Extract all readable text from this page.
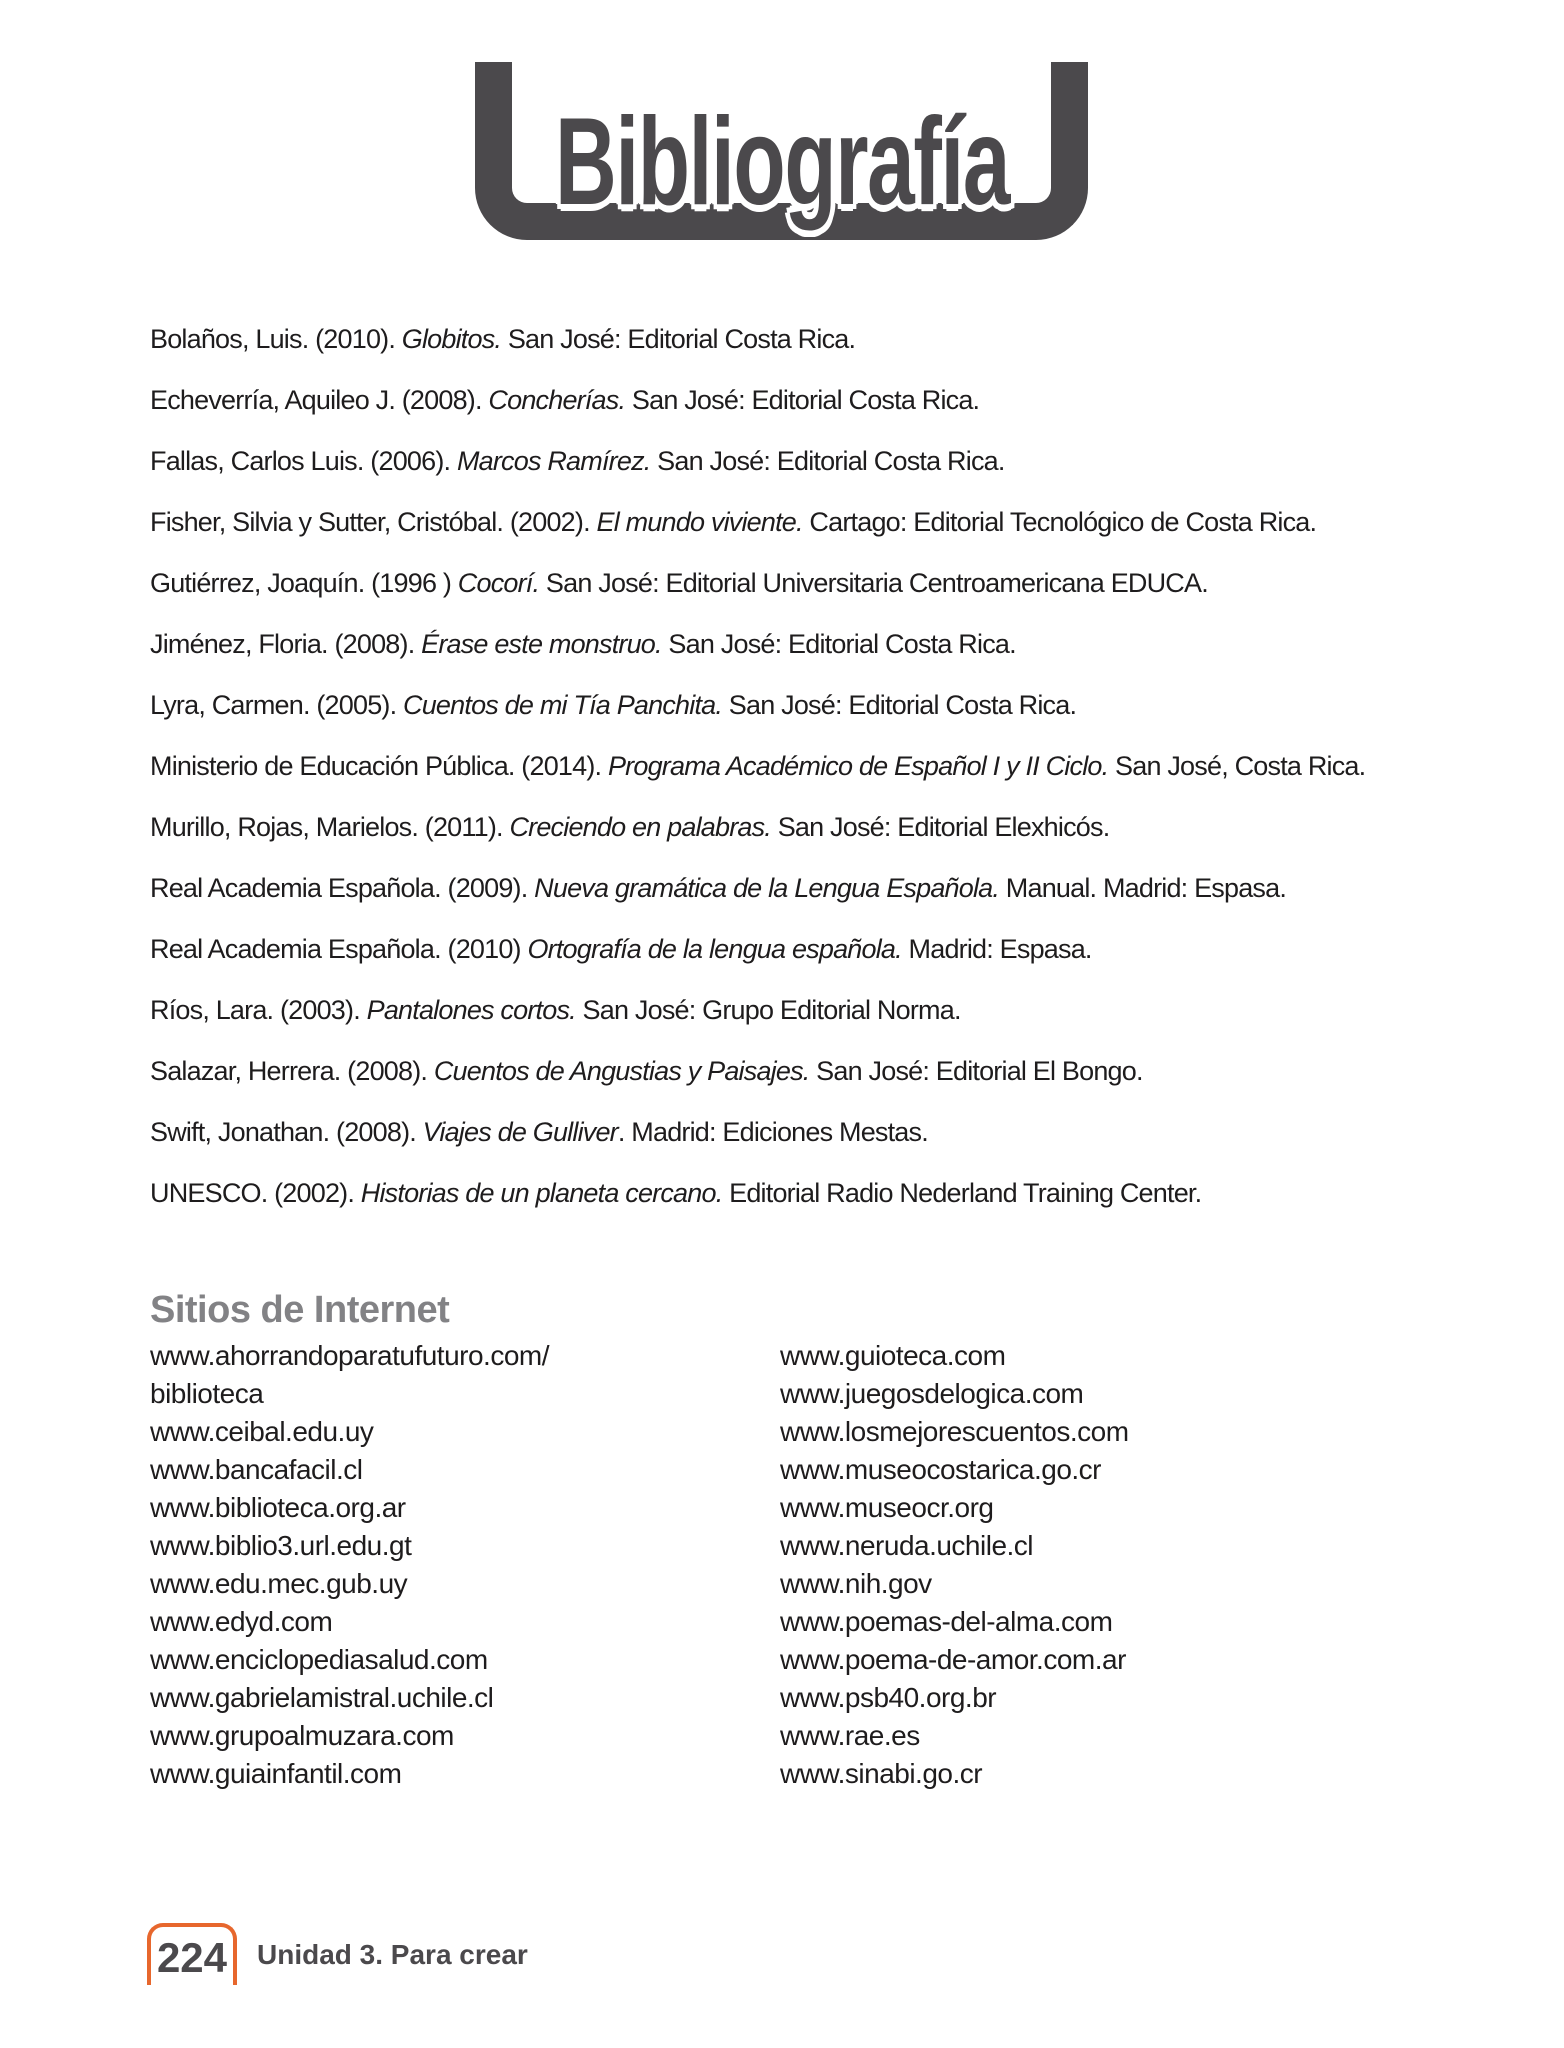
Bibliografía
Bolaños, Luis. (2010). Globitos. San José: Editorial Costa Rica.
Echeverría, Aquileo J. (2008). Concherías. San José: Editorial Costa Rica.
Fallas, Carlos Luis. (2006). Marcos Ramírez. San José: Editorial Costa Rica.
Fisher, Silvia y Sutter, Cristóbal. (2002). El mundo viviente. Cartago: Editorial Tecnológico de Costa Rica.
Gutiérrez, Joaquín. (1996 ) Cocorí. San José: Editorial Universitaria Centroamericana EDUCA.
Jiménez, Floria. (2008). Érase este monstruo. San José: Editorial Costa Rica.
Lyra, Carmen. (2005). Cuentos de mi Tía Panchita. San José: Editorial Costa Rica.
Ministerio de Educación Pública. (2014). Programa Académico de Español I y II Ciclo. San José, Costa Rica.
Murillo, Rojas, Marielos. (2011). Creciendo en palabras. San José: Editorial Elexhicós.
Real Academia Española. (2009). Nueva gramática de la Lengua Española. Manual. Madrid: Espasa.
Real Academia Española. (2010) Ortografía de la lengua española. Madrid: Espasa.
Ríos, Lara. (2003). Pantalones cortos. San José: Grupo Editorial Norma.
Salazar, Herrera. (2008). Cuentos de Angustias y Paisajes. San José: Editorial El Bongo.
Swift, Jonathan. (2008). Viajes de Gulliver. Madrid: Ediciones Mestas.
UNESCO. (2002). Historias de un planeta cercano. Editorial Radio Nederland Training Center.
Sitios de Internet
www.ahorrandoparatufuturo.com/
biblioteca
www.ceibal.edu.uy
www.bancafacil.cl
www.biblioteca.org.ar
www.biblio3.url.edu.gt
www.edu.mec.gub.uy
www.edyd.com
www.enciclopediasalud.com
www.gabrielamistral.uchile.cl
www.grupoalmuzara.com
www.guiainfantil.com
www.guioteca.com
www.juegosdelogica.com
www.losmejorescuentos.com
www.museocostarica.go.cr
www.museocr.org
www.neruda.uchile.cl
www.nih.gov
www.poemas-del-alma.com
www.poema-de-amor.com.ar
www.psb40.org.br
www.rae.es
www.sinabi.go.cr
224 Unidad 3. Para crear
